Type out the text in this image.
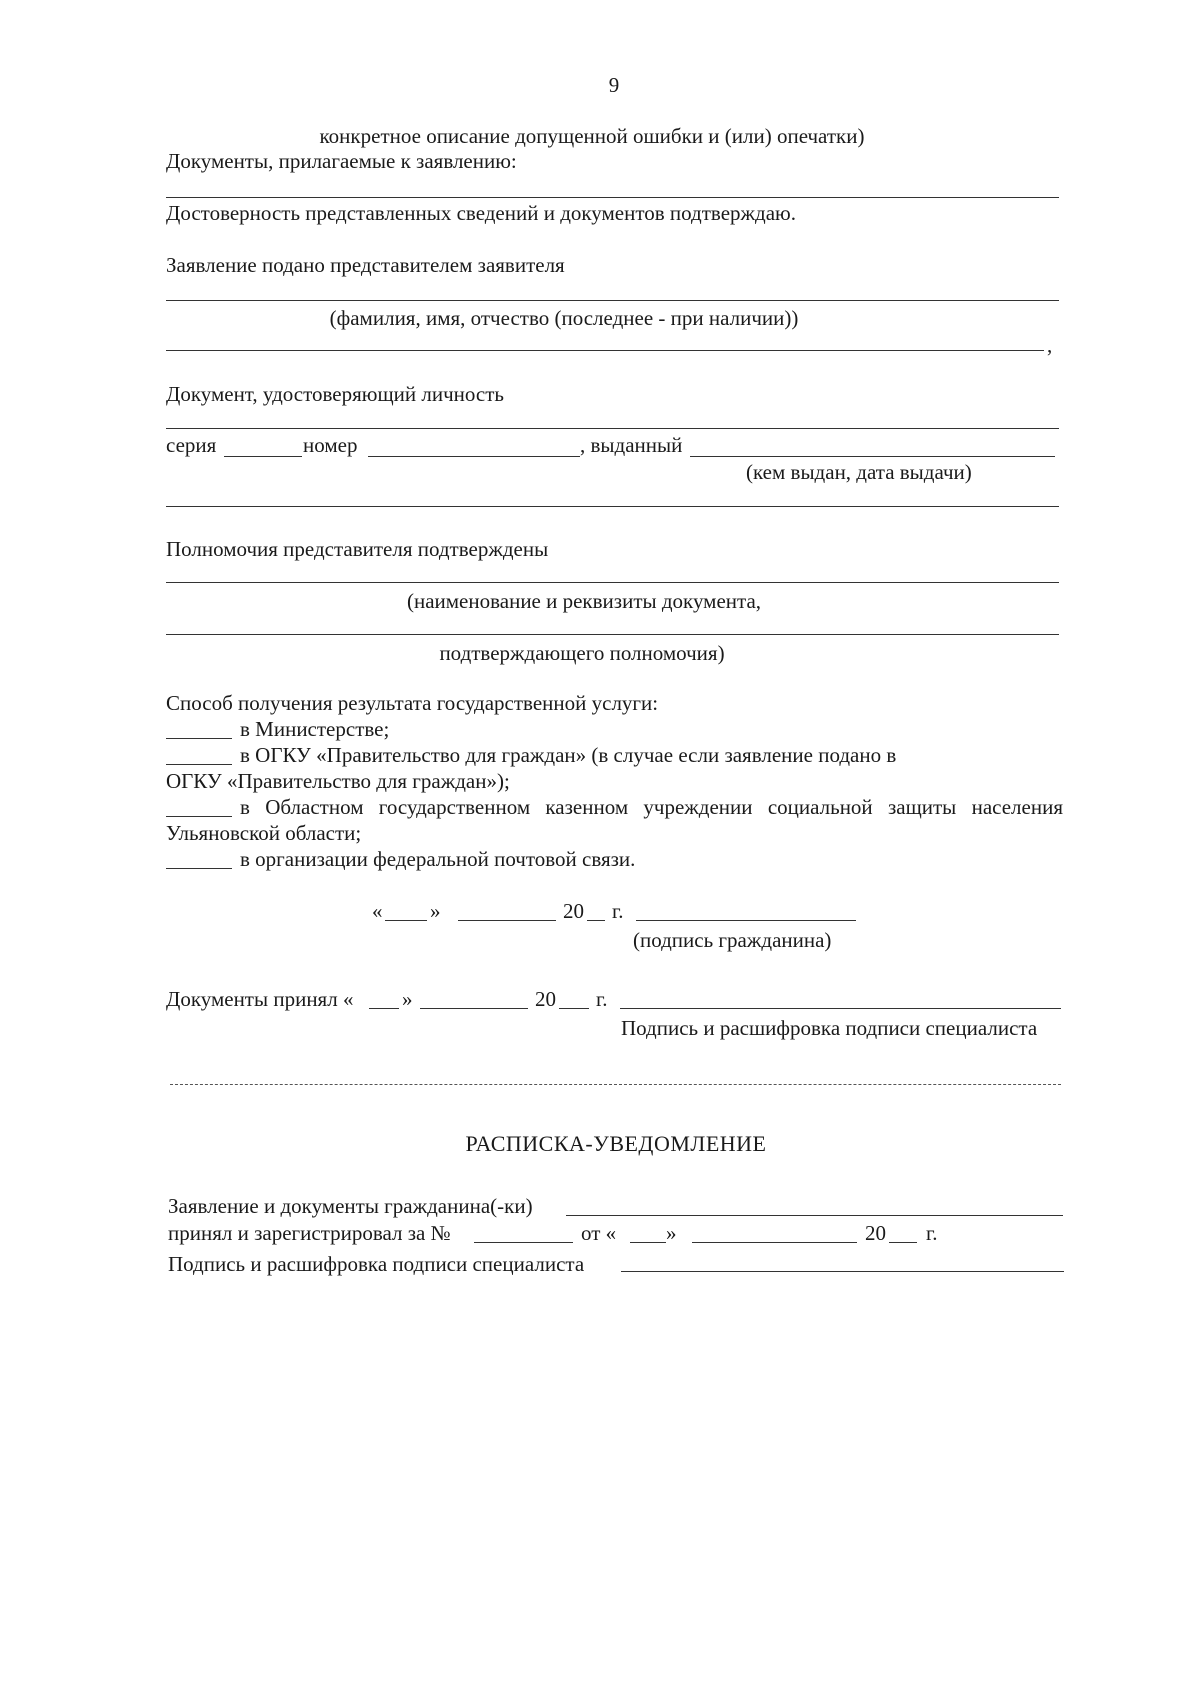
9
конкретное описание допущенной ошибки и (или) опечатки)
Документы, прилагаемые к заявлению:
Достоверность представленных сведений и документов подтверждаю.
Заявление подано представителем заявителя
(фамилия, имя, отчество (последнее - при наличии))
,
Документ, удостоверяющий личность
серия	номер	, выданный
(кем выдан, дата выдачи)
Полномочия представителя подтверждены
(наименование и реквизиты документа,
подтверждающего полномочия)
Способ получения результата государственной услуги:
в Министерстве;
в ОГКУ «Правительство для граждан» (в случае если заявление подано в
ОГКУ «Правительство для граждан»);
в Областном государственном казенном учреждении социальной защиты населения
Ульяновской области;
в организации федеральной почтовой связи.
« »	20 г.
(подпись гражданина)
Документы принял « »	20 г.
Подпись и расшифровка подписи специалиста
РАСПИСКА-УВЕДОМЛЕНИЕ
Заявление и документы гражданина(-ки)
принял и зарегистрировал за №	от « »	20 г.
Подпись и расшифровка подписи специалиста
